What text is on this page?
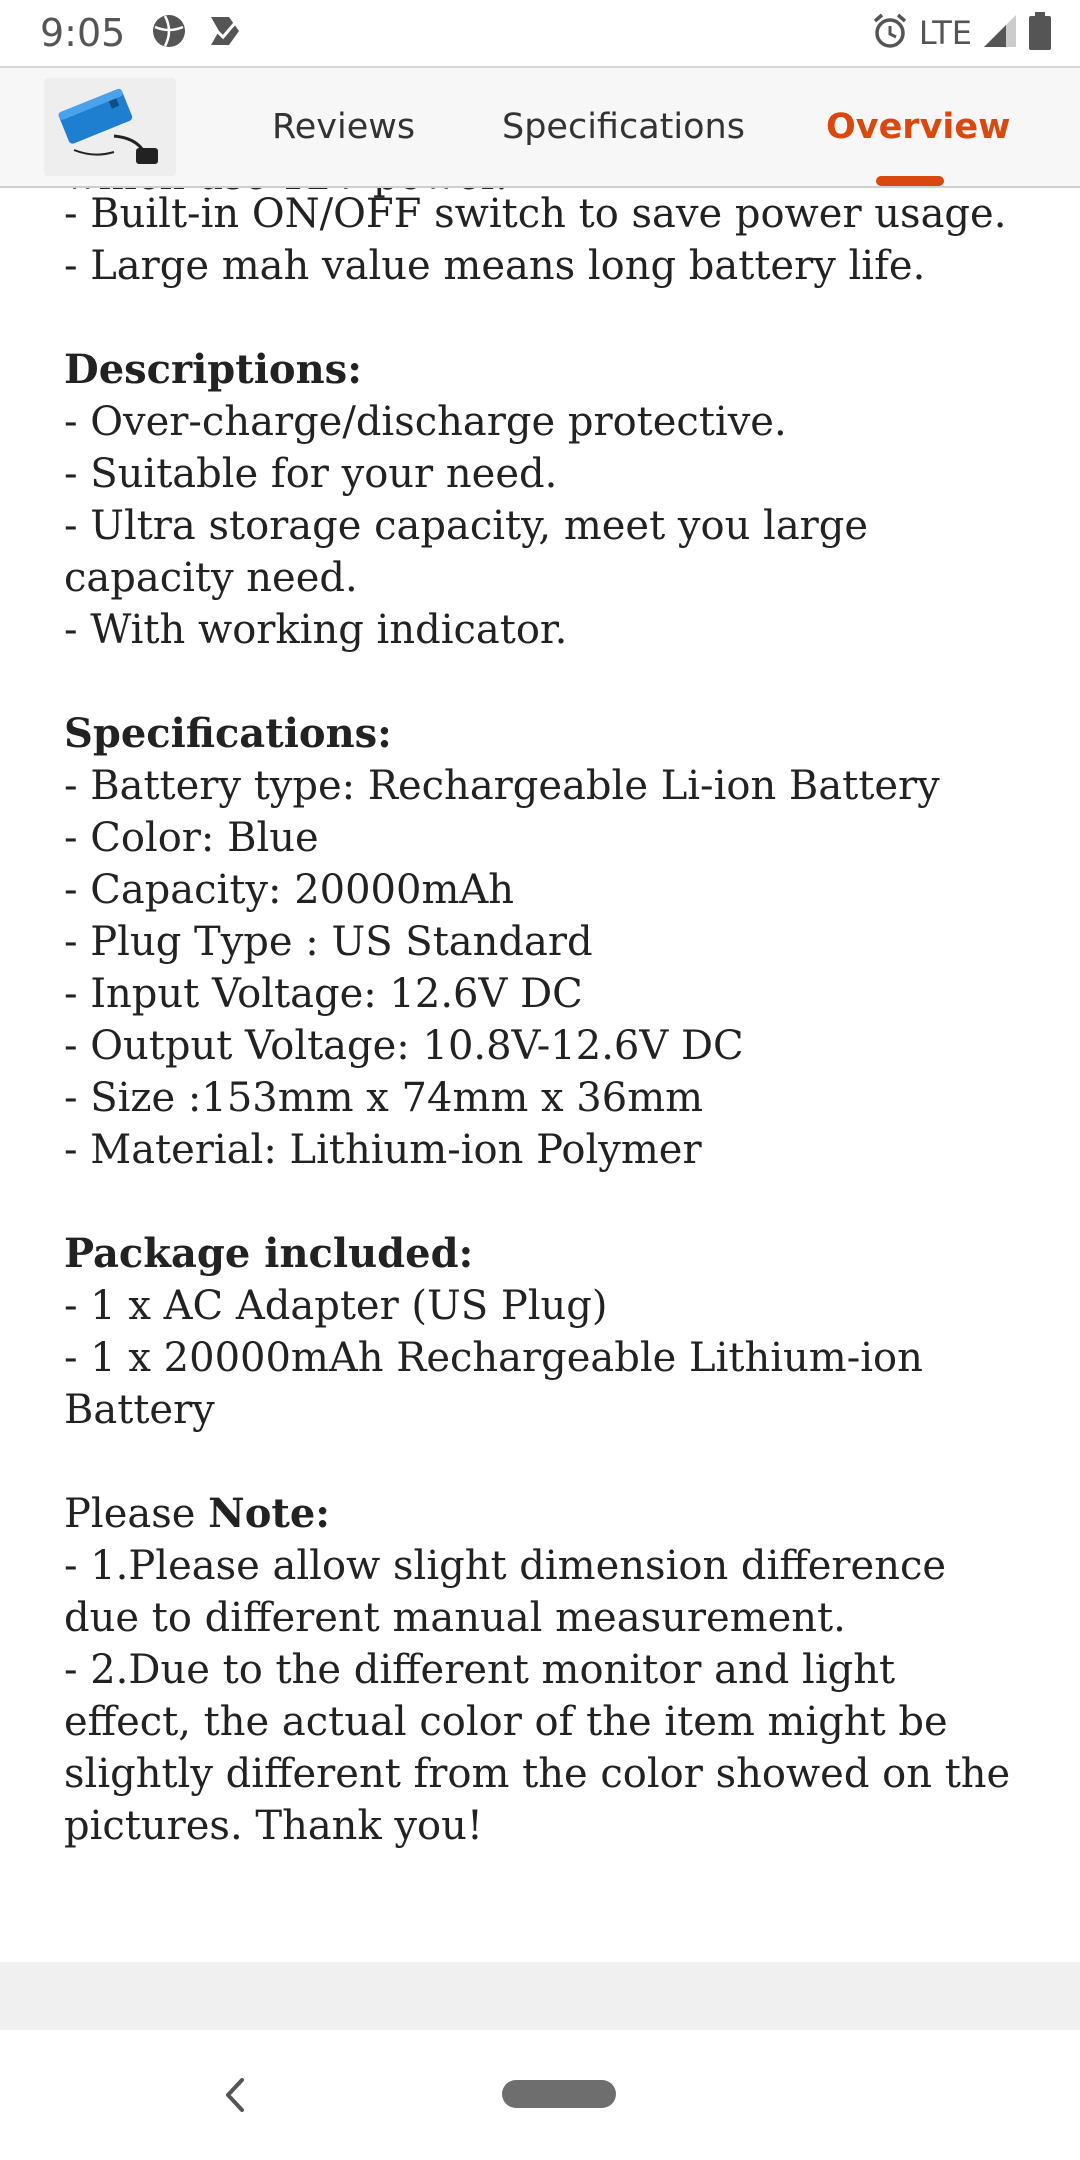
9:05	LTE
Reviews Specifications Overview
- Built-in ON/OFF switch to save power usage.
- Large mah value means long battery life.
Descriptions:
- Over-charge/discharge protective.
- Suitable for your need.
- Ultra storage capacity, meet you large capacity need.
- With working indicator.
Specifications:
- Battery type: Rechargeable Li-ion Battery
- Color: Blue
- Capacity: 20000mAh
- Plug Type : US Standard
- Input Voltage: 12.6V DC
- Output Voltage: 10.8V-12.6V DC
- Size :153mm x 74mm x 36mm
- Material: Lithium-ion Polymer
Package included:
- 1 x AC Adapter (US Plug)
- 1 x 20000mAh Rechargeable Lithium-ion Battery
Please Note:
- 1.Please allow slight dimension difference due to different manual measurement.
- 2.Due to the different monitor and light effect, the actual color of the item might be slightly different from the color showed on the pictures. Thank you!
